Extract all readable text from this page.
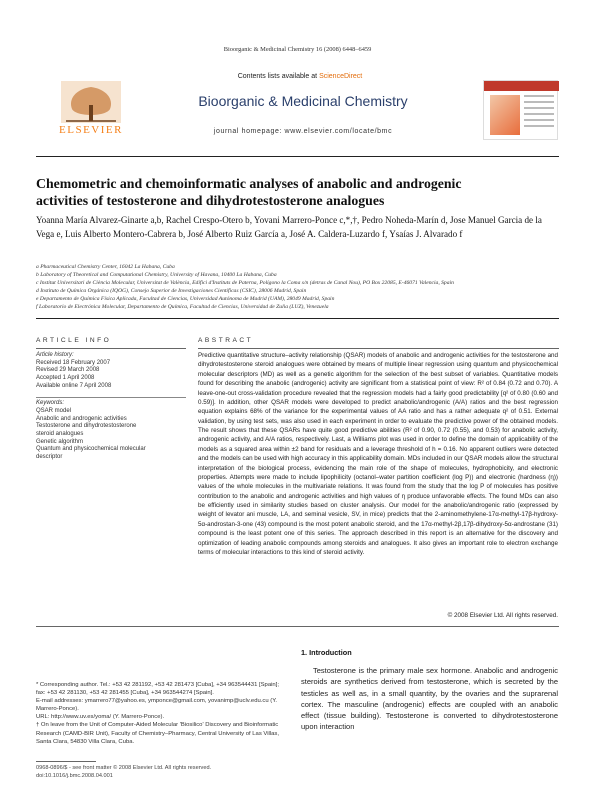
Bioorganic & Medicinal Chemistry 16 (2008) 6448–6459
Contents lists available at ScienceDirect
ELSEVIER
Bioorganic & Medicinal Chemistry
journal homepage: www.elsevier.com/locate/bmc
Chemometric and chemoinformatic analyses of anabolic and androgenic activities of testosterone and dihydrotestosterone analogues
Yoanna María Alvarez-Ginarte a,b, Rachel Crespo-Otero b, Yovani Marrero-Ponce c,*,†, Pedro Noheda-Marín d, Jose Manuel Garcia de la Vega e, Luis Alberto Montero-Cabrera b, José Alberto Ruiz García a, José A. Caldera-Luzardo f, Ysaías J. Alvarado f
a Pharmaceutical Chemistry Center, 16042 La Habana, Cuba
b Laboratory of Theoretical and Computational Chemistry, University of Havana, 10400 La Habana, Cuba
c Institut Universitari de Ciència Molecular, Universitat de València, Edifici d'Instituts de Paterna, Polígono la Coma s/n (detras de Canal Nou), PO Box 22085, E-46071 Valencia, Spain
d Instituto de Química Orgánica (IQOG), Consejo Superior de Investigaciones Científicas (CSIC), 28006 Madrid, Spain
e Departamento de Química Física Aplicada, Facultad de Ciencias, Universidad Autónoma de Madrid (UAM), 28049 Madrid, Spain
f Laboratorio de Electrónica Molecular, Departamento de Química, Facultad de Ciencias, Universidad de Zulia (LUZ), Venezuela
ARTICLE INFO	ABSTRACT
Article history:
Received 18 February 2007
Revised 29 March 2008
Accepted 1 April 2008
Available online 7 April 2008
Keywords:
QSAR model
Anabolic and androgenic activities
Testosterone and dihydrotestosterone
steroid analogues
Genetic algorithm
Quantum and physicochemical molecular
descriptor
Predictive quantitative structure–activity relationship (QSAR) models of anabolic and androgenic activities for the testosterone and dihydrotestosterone steroid analogues were obtained by means of multiple linear regression using quantum and physicochemical molecular descriptors (MD) as well as a genetic algorithm for the selection of the best subset of variables. Quantitative models found for describing the anabolic (androgenic) activity are significant from a statistical point of view: R² of 0.84 (0.72 and 0.70). A leave-one-out cross-validation procedure revealed that the regression models had a fairly good predictability [q² of 0.80 (0.60 and 0.59)]. In addition, other QSAR models were developed to predict anabolic/androgenic (A/A) ratios and the best regression equation explains 68% of the variance for the experimental values of AA ratio and has a rather adequate q² of 0.51. External validation, by using test sets, was also used in each experiment in order to evaluate the predictive power of the obtained models. The result shows that these QSARs have quite good predictive abilities (R² of 0.90, 0.72 (0.55), and 0.53) for anabolic activity, androgenic activity, and A/A ratios, respectively. Last, a Williams plot was used in order to define the domain of applicability of the models as a squared area within ±2 band for residuals and a leverage threshold of h = 0.16. No apparent outliers were detected and the models can be used with high accuracy in this applicability domain. MDs included in our QSAR models allow the structural interpretation of the biological process, evidencing the main role of the shape of molecules, hydrophobicity, and electronic properties. Attempts were made to include lipophilicity (octanol–water partition coefficient (log P)) and electronic (hardness (η)) values of the whole molecules in the multivariate relations. It was found from the study that the log P of molecules has positive contribution to the anabolic and androgenic activities and high values of η produce unfavorable effects. The found MDs can also be efficiently used in similarity studies based on cluster analysis. Our model for the anabolic/androgenic ratio (expressed by weight of levator ani muscle, LA, and seminal vesicle, SV, in mice) predicts that the 2-aminomethylene-17α-methyl-17β-hydroxy-5α-androstan-3-one (43) compound is the most potent anabolic steroid, and the 17α-methyl-2β,17β-dihydroxy-5α-androstane (31) compound is the least potent one of this series. The approach described in this report is an alternative for the discovery and optimization of leading anabolic compounds among steroids and analogues. It also gives an important role to electron exchange terms of molecular interactions to this kind of steroid activity.
© 2008 Elsevier Ltd. All rights reserved.

* Corresponding author. Tel.: +53 42 281192, +53 42 281473 [Cuba], +34 963544431 [Spain]; fax: +53 42 281130, +53 42 281455 [Cuba], +34 963544274 [Spain].

E-mail addresses: ymarrero77@yahoo.es, ymponce@gmail.com, yovanimp@uclv.edu.cu (Y. Marrero-Ponce).

URL: http://www.uv.es/yoma/ (Y. Marrero-Ponce).

† On leave from the Unit of Computer-Aided Molecular 'Biosilico' Discovery and Bioinformatic Research (CAMD-BIR Unit), Faculty of Chemistry–Pharmacy, Central University of Las Villas, Santa Clara, 54830 Villa Clara, Cuba.

0968-0896/$ - see front matter © 2008 Elsevier Ltd. All rights reserved.
doi:10.1016/j.bmc.2008.04.001
1. Introduction
Testosterone is the primary male sex hormone. Anabolic and androgenic steroids are synthetics derived from testosterone, which is secreted by the testicles as well as, in a small quantity, by the ovaries and the suprarenal cortex. The masculine (androgenic) effects are coupled with an anabolic effect (tissue building). Testosterone is converted to dihydrotestosterone upon interaction
